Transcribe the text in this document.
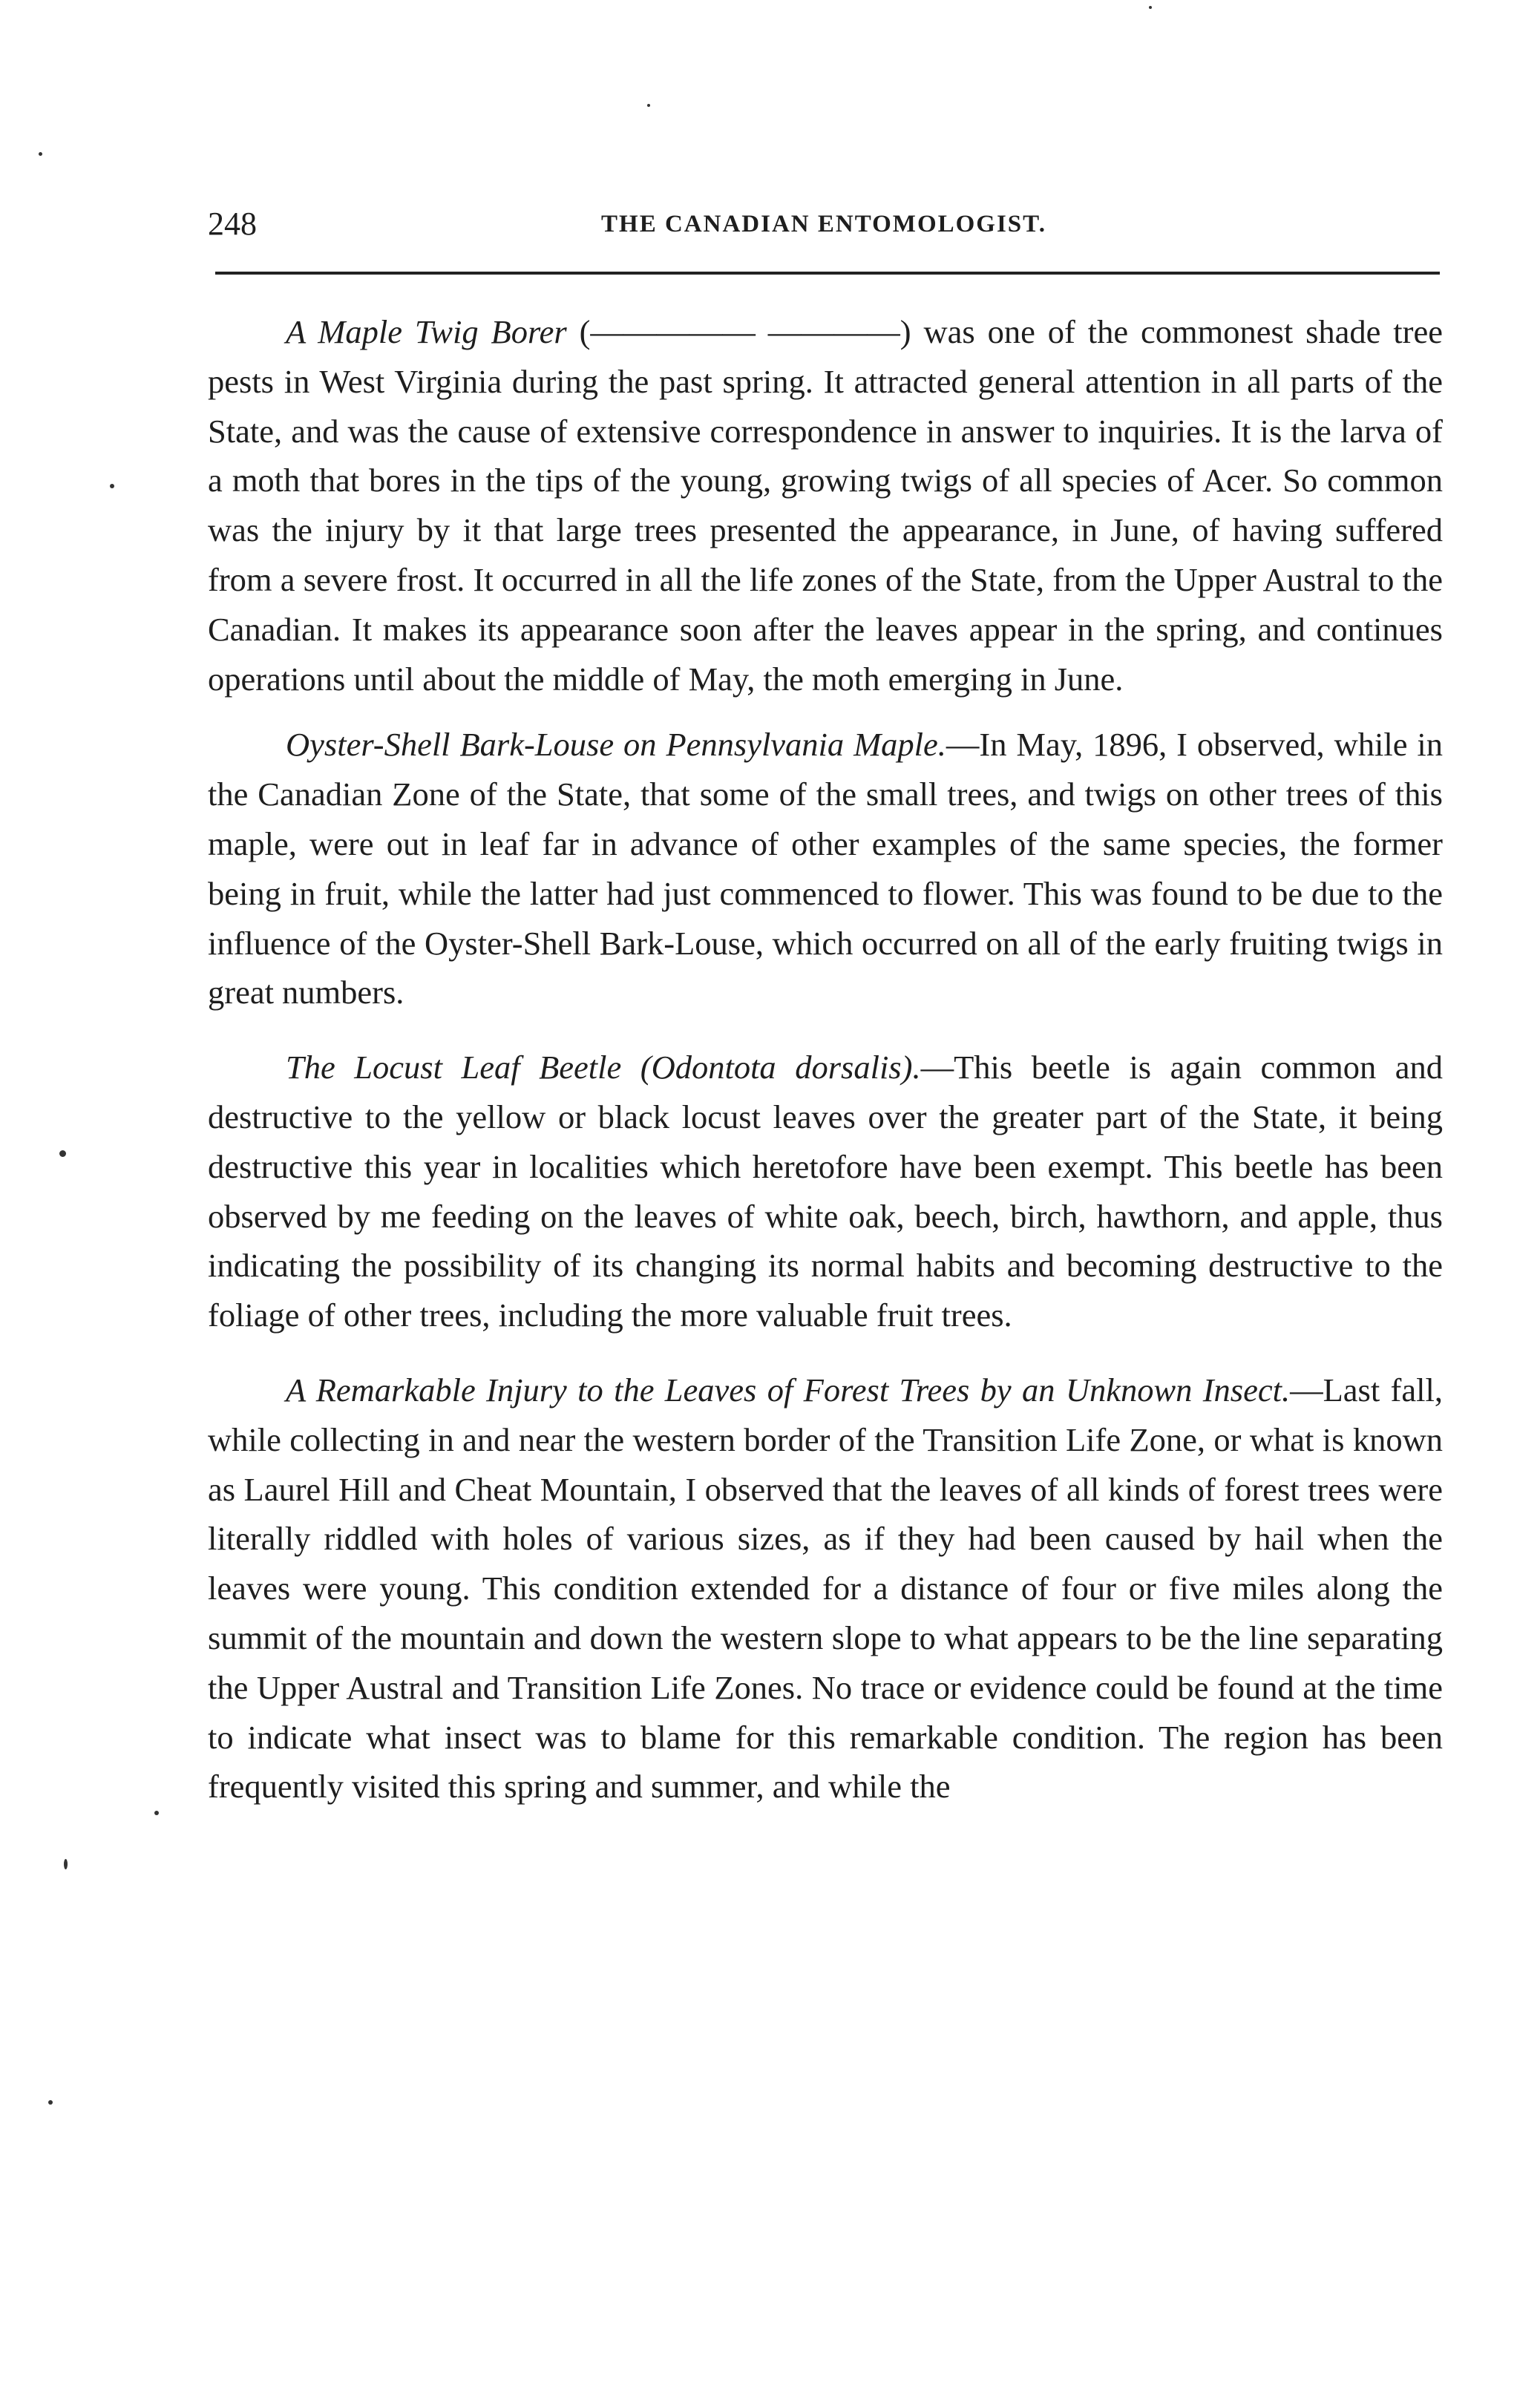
248	THE CANADIAN ENTOMOLOGIST.

A Maple Twig Borer (————— ————) was one of the commonest shade tree pests in West Virginia during the past spring. It attracted general attention in all parts of the State, and was the cause of extensive correspondence in answer to inquiries. It is the larva of a moth that bores in the tips of the young, growing twigs of all species of Acer. So common was the injury by it that large trees presented the appearance, in June, of having suffered from a severe frost. It occurred in all the life zones of the State, from the Upper Austral to the Canadian. It makes its appearance soon after the leaves appear in the spring, and continues operations until about the middle of May, the moth emerging in June.

Oyster-Shell Bark-Louse on Pennsylvania Maple.—In May, 1896, I observed, while in the Canadian Zone of the State, that some of the small trees, and twigs on other trees of this maple, were out in leaf far in advance of other examples of the same species, the former being in fruit, while the latter had just commenced to flower. This was found to be due to the influence of the Oyster-Shell Bark-Louse, which occurred on all of the early fruiting twigs in great numbers.

The Locust Leaf Beetle (Odontota dorsalis).—This beetle is again common and destructive to the yellow or black locust leaves over the greater part of the State, it being destructive this year in localities which heretofore have been exempt. This beetle has been observed by me feeding on the leaves of white oak, beech, birch, hawthorn, and apple, thus indicating the possibility of its changing its normal habits and becoming destructive to the foliage of other trees, including the more valuable fruit trees.

A Remarkable Injury to the Leaves of Forest Trees by an Unknown Insect.—Last fall, while collecting in and near the western border of the Transition Life Zone, or what is known as Laurel Hill and Cheat Mountain, I observed that the leaves of all kinds of forest trees were literally riddled with holes of various sizes, as if they had been caused by hail when the leaves were young. This condition extended for a distance of four or five miles along the summit of the mountain and down the western slope to what appears to be the line separating the Upper Austral and Transition Life Zones. No trace or evidence could be found at the time to indicate what insect was to blame for this remarkable condition. The region has been frequently visited this spring and summer, and while the
